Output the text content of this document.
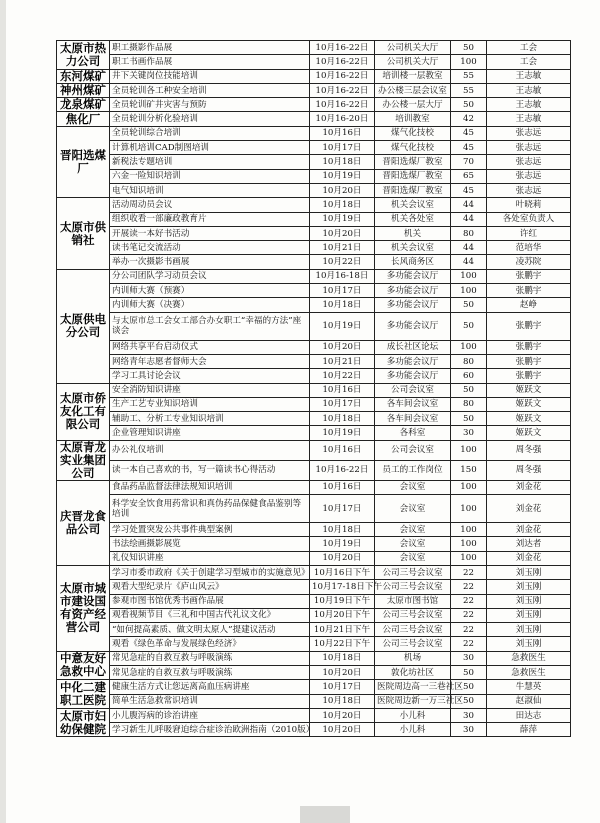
太原市热力公司	职工摄影作品展	10月16-22日	公司机关大厅	50	工会
	职工书画作品展	10月16-22日	公司机关大厅	100	工会
东河煤矿	井下关键岗位技能培训	10月16-22日	培训楼一层教室	55	王志敏
神州煤矿	全员轮训各工种安全培训	10月16-22日	办公楼三层会议室	55	王志敏
龙泉煤矿	全员轮训矿井灾害与预防	10月16-22日	办公楼一层大厅	50	王志敏
焦化厂	全员轮训分析化验培训	10月16-20日	培训教室	42	王志敏
晋阳选煤厂	全员轮训综合培训	10月16日	煤气化技校	45	张志远
	计算机培训CAD制图培训	10月17日	煤气化技校	45	张志远
	新税法专题培训	10月18日	晋阳选煤厂教室	70	张志远
	六金一险知识培训	10月19日	晋阳选煤厂教室	65	张志远
	电气知识培训	10月20日	晋阳选煤厂教室	45	张志远
太原市供销社	活动周动员会议	10月18日	机关会议室	44	叶晓莉
	组织收看一部廉政教育片	10月19日	机关各处室	44	各处室负责人
	开展读一本好书活动	10月20日	机关	80	许红
	读书笔记交流活动	10月21日	机关会议室	44	范培华
	举办一次摄影书画展	10月22日	长风商务区	44	凌苏院
太原供电分公司	分公司团队学习动员会议	10月16-18日	多功能会议厅	100	张鹏宇
	内训师大赛（预赛）	10月17日	多功能会议厅	100	张鹏宇
	内训师大赛（决赛）	10月18日	多功能会议厅	50	赵峥
	与太原市总工会女工部合办女职工“幸福的方法”座谈会	10月19日	多功能会议厅	50	张鹏宇
	网络共享平台启动仪式	10月20日	成长社区论坛	100	张鹏宇
	网络青年志愿者督师大会	10月21日	多功能会议厅	80	张鹏宇
	学习工具讨论会议	10月22日	多功能会议厅	60	张鹏宇
太原市侨友化工有限公司	安全消防知识讲座	10月16日	公司会议室	50	姬跃文
	生产工艺专业知识培训	10月17日	各车间会议室	80	姬跃文
	辅助工、分析工专业知识培训	10月18日	各车间会议室	50	姬跃文
	企业管理知识讲座	10月19日	各科室	30	姬跃文
太原青龙实业集团公司	办公礼仪培训	10月16日	公司会议室	100	周冬强
	读一本自己喜欢的书，写一篇读书心得活动	10月16-22日	员工的工作岗位	150	周冬强
庆晋龙食品公司	食品药品监督法律法规知识培训	10月16日	会议室	100	刘金花
	科学安全饮食用药常识和真伪药品保健食品鉴别等培训	10月17日	会议室	100	刘金花
	学习处置突发公共事件典型案例	10月18日	会议室	100	刘金花
	书法绘画摄影展览	10月19日	会议室	100	刘达者
	礼仪知识讲座	10月20日	会议室	100	刘金花
太原市城市建设国有资产经营公司	学习市委市政府《关于创建学习型城市的实施意见》	10月16日下午	公司三号会议室	22	刘玉刚
	观看大型纪录片《庐山风云》	10月17-18日下午	公司三号会议室	22	刘玉刚
	参观市图书馆优秀书画作品展	10月19日下午	太原市图书馆	22	刘玉刚
	观看视频节目《三礼和中国古代礼议文化》	10月20日下午	公司三号会议室	22	刘玉刚
	“如何提高素质、做文明太原人”提建议活动	10月21日下午	公司三号会议室	22	刘玉刚
	观看《绿色革命与发展绿色经济》	10月22日下午	公司三号会议室	22	刘玉刚
中意友好急救中心	常见急症的自救互救与呼吸演练	10月18日	机场	30	急救医生
	常见急症的自救互救与呼吸演练	10月20日	敦化坊社区	50	急救医生
中化二建职工医院	健康生活方式让您远离高血压病讲座	10月17日	医院周边高一三巷社区	50	牛慧英
	简单生活急救常识培训	10月18日	医院周边新一万三社区	50	赵淑仙
太原市妇幼保健院	小儿腹泻病的诊治讲座	10月20日	小儿科	30	田达志
	学习新生儿呼吸窘迫综合症诊治欧洲指南（2010版）	10月20日	小儿科	30	薛萍
